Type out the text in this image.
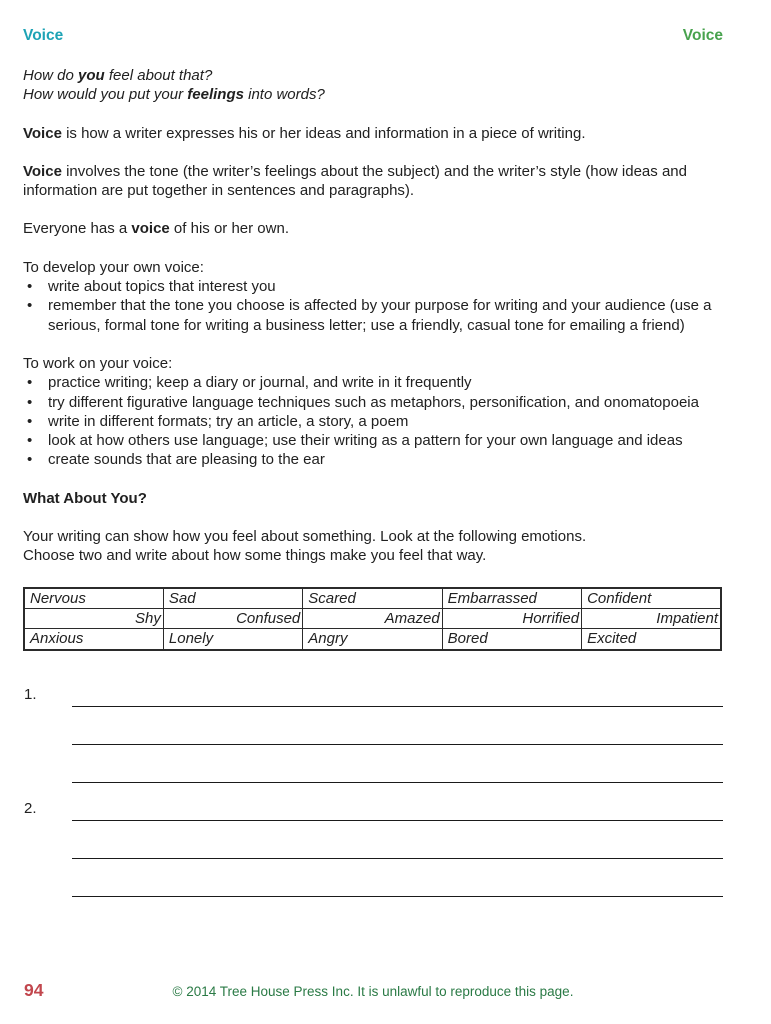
Voice	Voice
How do you feel about that?
How would you put your feelings into words?
Voice is how a writer expresses his or her ideas and information in a piece of writing.
Voice involves the tone (the writer’s feelings about the subject) and the writer’s style (how ideas and information are put together in sentences and paragraphs).
Everyone has a voice of his or her own.
To develop your own voice:
•	write about topics that interest you
•	remember that the tone you choose is affected by your purpose for writing and your audience (use a serious, formal tone for writing a business letter; use a friendly, casual tone for emailing a friend)
To work on your voice:
•	practice writing; keep a diary or journal, and write in it frequently
•	try different figurative language techniques such as metaphors, personification, and onomatopoeia
•	write in different formats; try an article, a story, a poem
•	look at how others use language; use their writing as a pattern for your own language and ideas
•	create sounds that are pleasing to the ear
What About You?
Your writing can show how you feel about something. Look at the following emotions.
Choose two and write about how some things make you feel that way.
Nervous	Sad	Scared	Embarrassed	Confident
Shy	Confused	Amazed	Horrified	Impatient
Anxious	Lonely	Angry	Bored	Excited
1.
2.
94	© 2014 Tree House Press Inc. It is unlawful to reproduce this page.
